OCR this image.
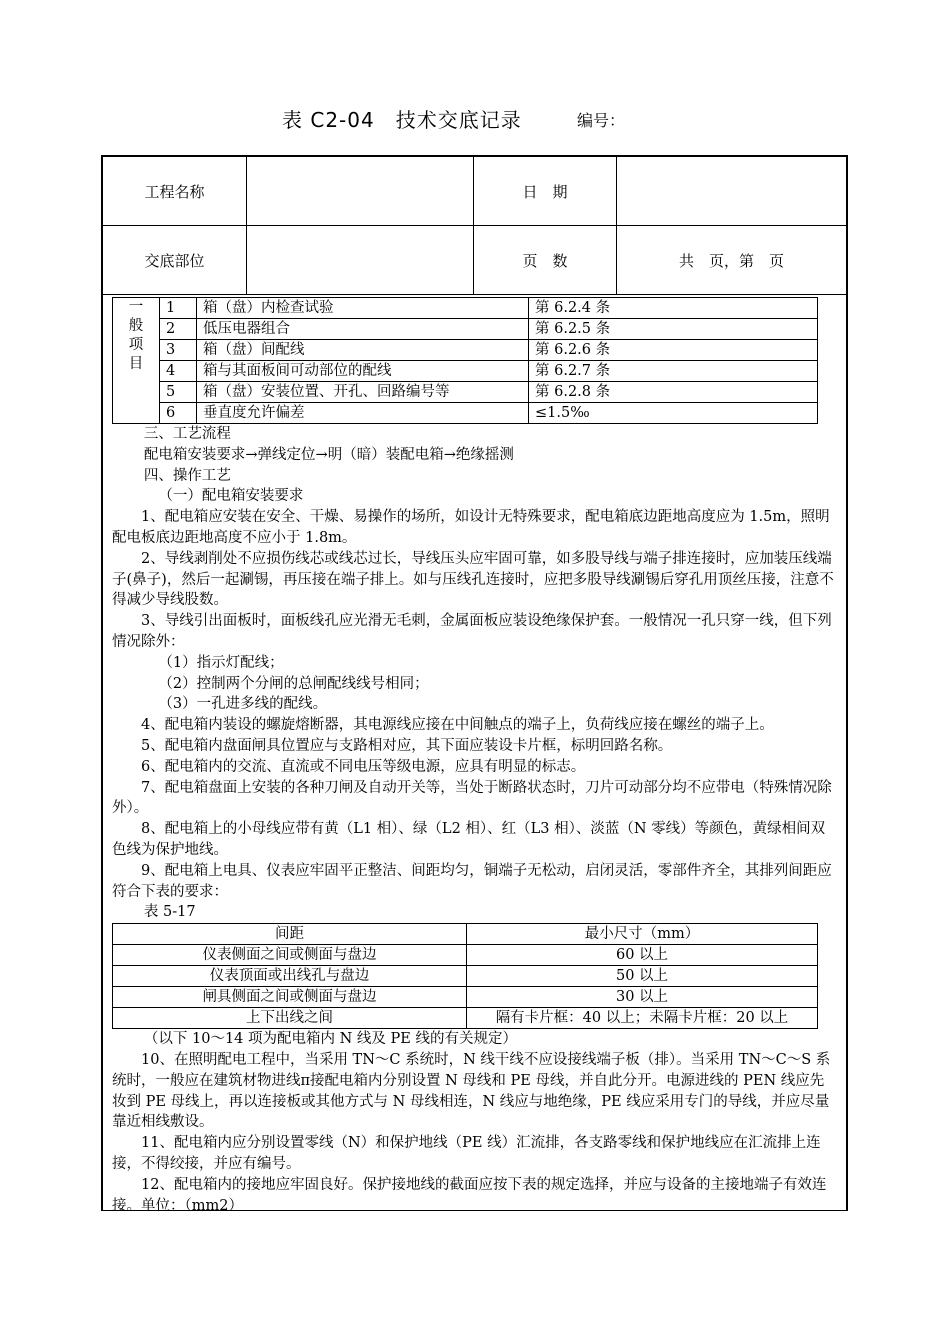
表 C2-04　技术交底记录	编号：
工程名称		日　期	
交底部位		页　数	共　页，第　页
一
般
项
目	1	箱（盘）内检查试验	第 6.2.4 条
	2	低压电器组合	第 6.2.5 条
	3	箱（盘）间配线	第 6.2.6 条
	4	箱与其面板间可动部位的配线	第 6.2.7 条
	5	箱（盘）安装位置、开孔、回路编号等	第 6.2.8 条
	6	垂直度允许偏差	≤1.5‰

三、工艺流程

配电箱安装要求→弹线定位→明（暗）装配电箱→绝缘摇测

四、操作工艺

（一）配电箱安装要求

1、配电箱应安装在安全、干燥、易操作的场所，如设计无特殊要求，配电箱底边距地高度应为 1.5m，照明配电板底边距地高度不应小于 1.8m。

2、导线剥削处不应损伤线芯或线芯过长，导线压头应牢固可靠，如多股导线与端子排连接时，应加装压线端子(鼻子)，然后一起涮锡，再压接在端子排上。如与压线孔连接时，应把多股导线涮锡后穿孔用顶丝压接，注意不得减少导线股数。

3、导线引出面板时，面板线孔应光滑无毛刺，金属面板应装设绝缘保护套。一般情况一孔只穿一线，但下列情况除外：

（1）指示灯配线；

（2）控制两个分闸的总闸配线线号相同；

（3）一孔进多线的配线。

4、配电箱内装设的螺旋熔断器，其电源线应接在中间触点的端子上，负荷线应接在螺丝的端子上。

5、配电箱内盘面闸具位置应与支路相对应，其下面应装设卡片框，标明回路名称。

6、配电箱内的交流、直流或不同电压等级电源，应具有明显的标志。

7、配电箱盘面上安装的各种刀闸及自动开关等，当处于断路状态时，刀片可动部分均不应带电（特殊情况除外）。

8、配电箱上的小母线应带有黄（L1 相）、绿（L2 相）、红（L3 相）、淡蓝（N 零线）等颜色，黄绿相间双色线为保护地线。

9、配电箱上电具、仪表应牢固平正整洁、间距均匀，铜端子无松动，启闭灵活，零部件齐全，其排列间距应符合下表的要求：

表 5-17

间距	最小尺寸（mm）
仪表侧面之间或侧面与盘边	60 以上
仪表顶面或出线孔与盘边	50 以上
闸具侧面之间或侧面与盘边	30 以上
上下出线之间	隔有卡片框：40 以上；未隔卡片框：20 以上

（以下 10～14 项为配电箱内 N 线及 PE 线的有关规定）

10、在照明配电工程中，当采用 TN～C 系统时，N 线干线不应设接线端子板（排）。当采用 TN～C～S 系统时，一般应在建筑材物进线π接配电箱内分别设置 N 母线和 PE 母线，并自此分开。电源进线的 PEN 线应先妆到 PE 母线上，再以连接板或其他方式与 N 母线相连，N 线应与地绝缘，PE 线应采用专门的导线，并应尽量靠近相线敷设。

11、配电箱内应分别设置零线（N）和保护地线（PE 线）汇流排，各支路零线和保护地线应在汇流排上连接，不得绞接，并应有编号。

12、配电箱内的接地应牢固良好。保护接地线的截面应按下表的规定选择，并应与设备的主接地端子有效连接。单位：（mm2）
